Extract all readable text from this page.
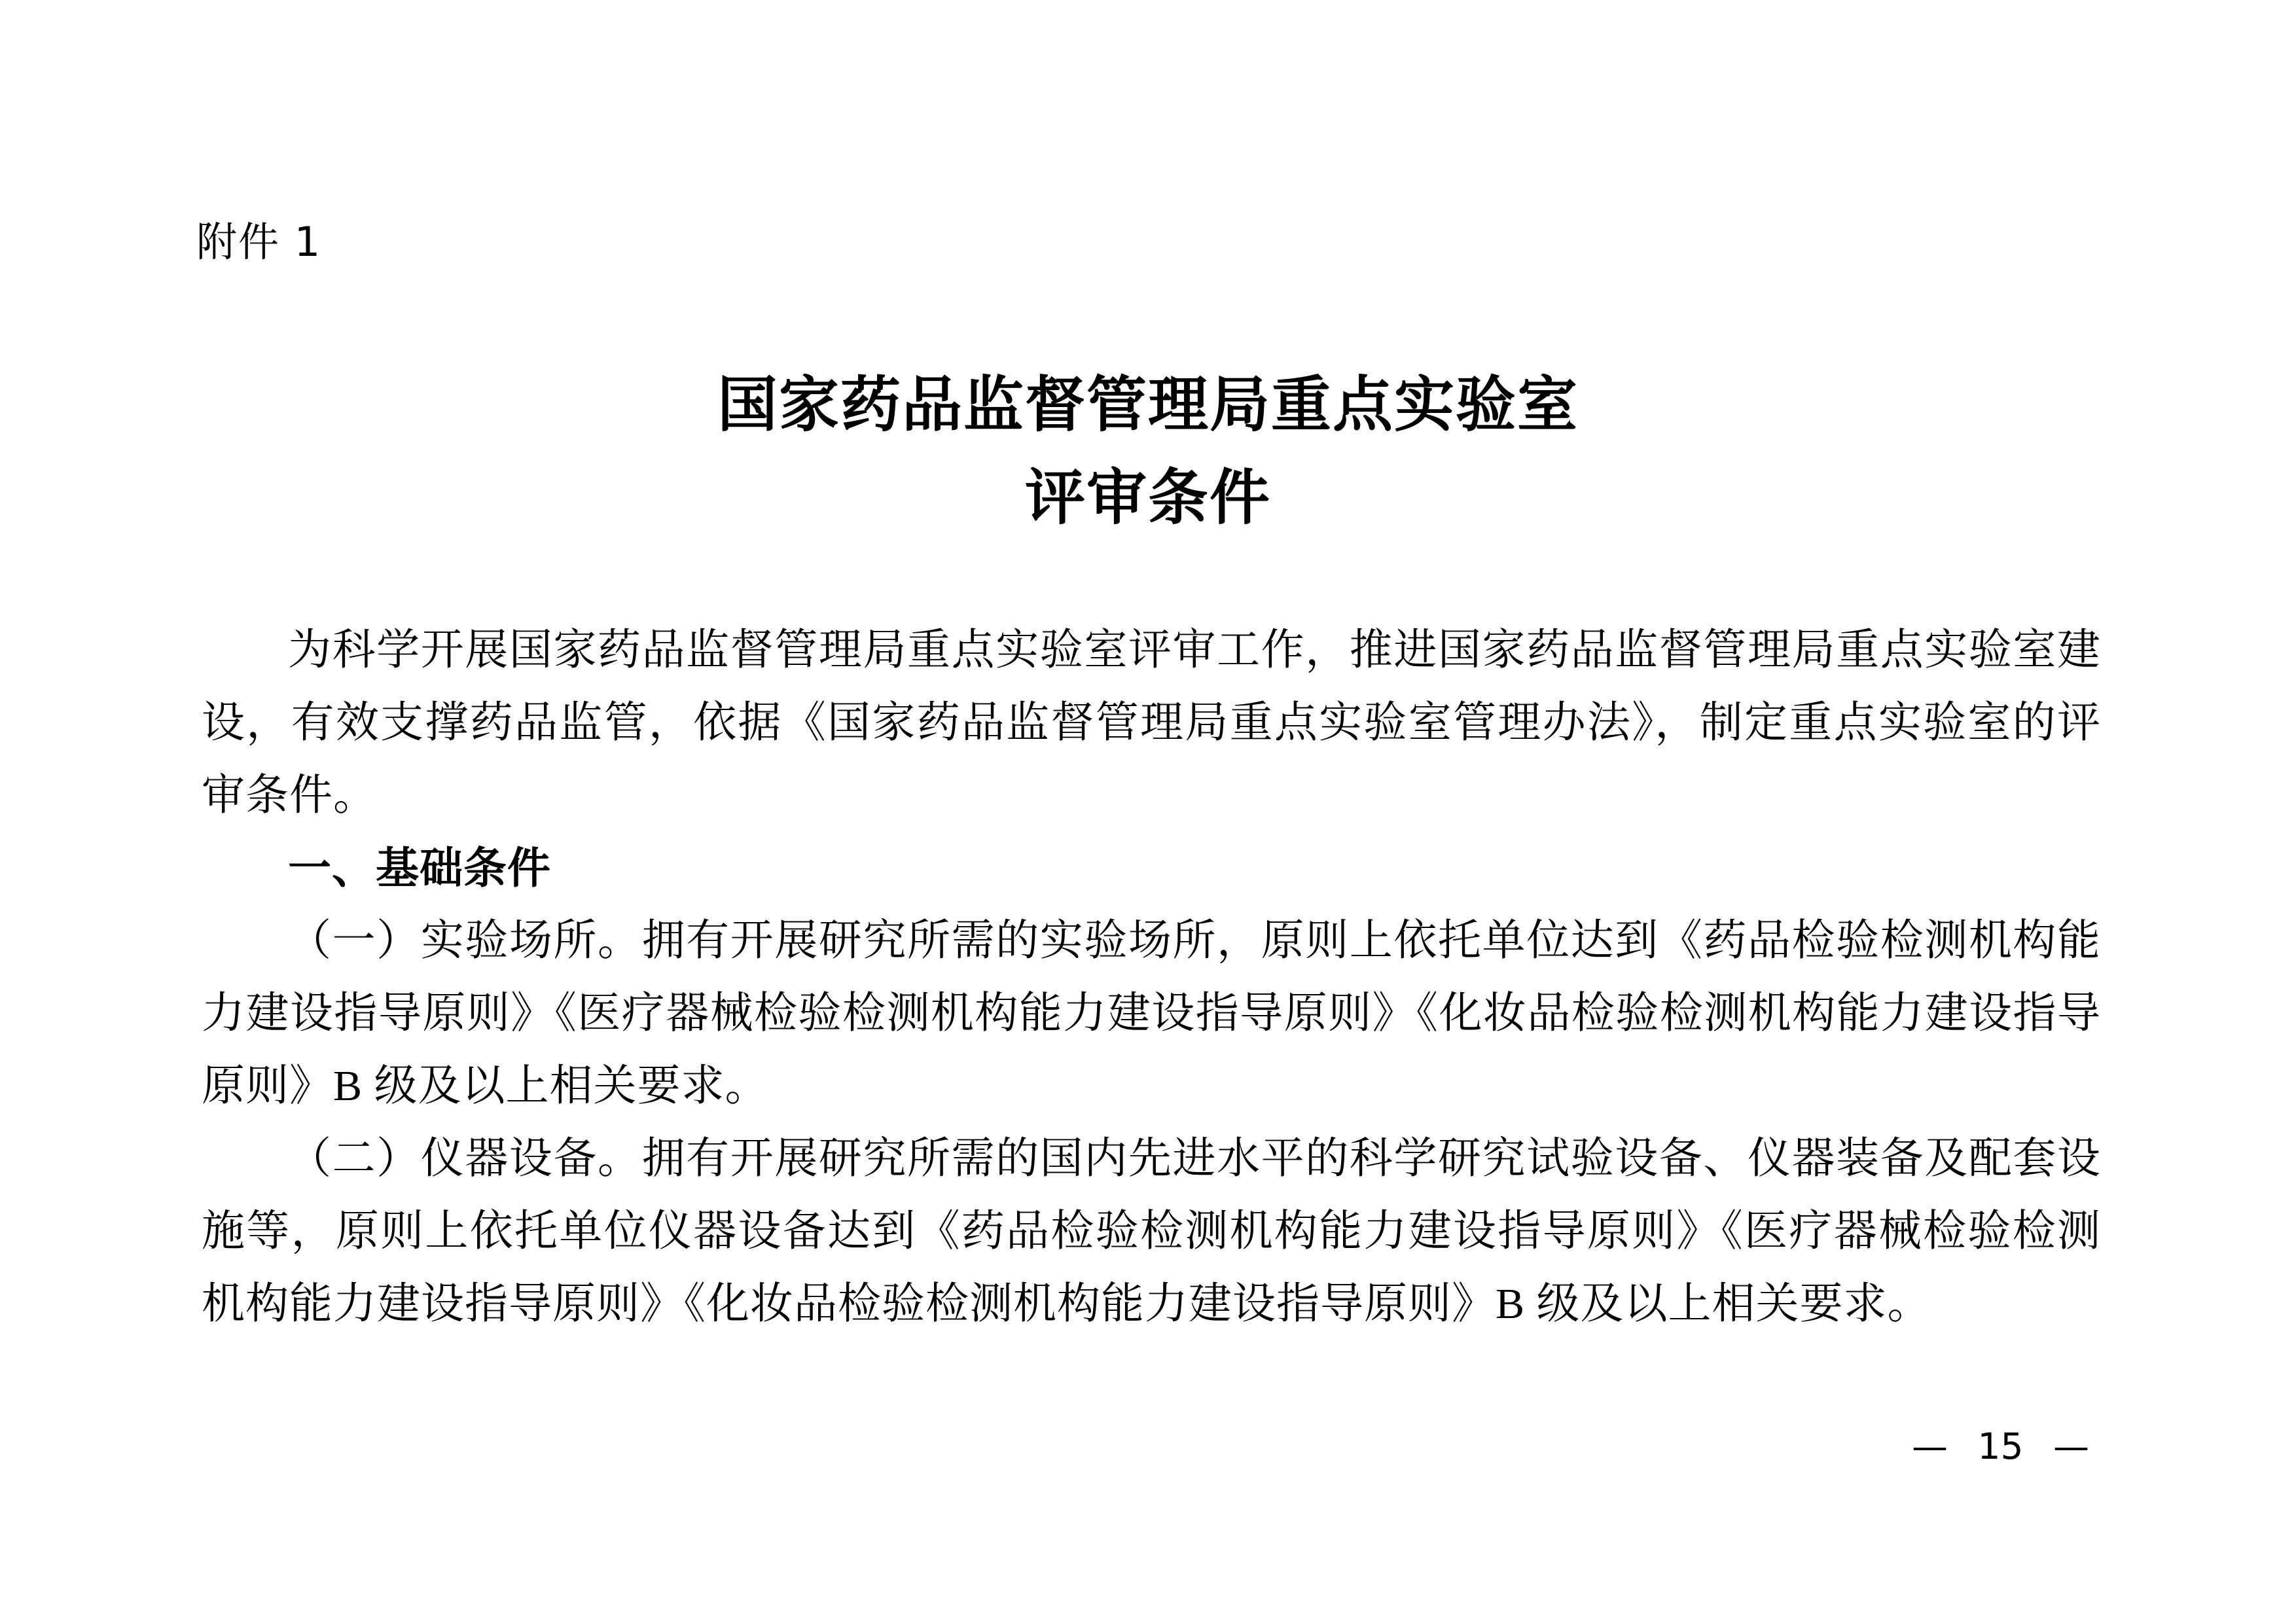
附件 1
国家药品监督管理局重点实验室
评审条件

为科学开展国家药品监督管理局重点实验室评审工作，推进国家药品监督管理局重点实验室建设，有效支撑药品监管，依据《国家药品监督管理局重点实验室管理办法》，制定重点实验室的评审条件。

一、基础条件

（一）实验场所。拥有开展研究所需的实验场所，原则上依托单位达到《药品检验检测机构能力建设指导原则》《医疗器械检验检测机构能力建设指导原则》《化妆品检验检测机构能力建设指导原则》B 级及以上相关要求。

（二）仪器设备。拥有开展研究所需的国内先进水平的科学研究试验设备、仪器装备及配套设施等，原则上依托单位仪器设备达到《药品检验检测机构能力建设指导原则》《医疗器械检验检测机构能力建设指导原则》《化妆品检验检测机构能力建设指导原则》B 级及以上相关要求。

— 15 —
